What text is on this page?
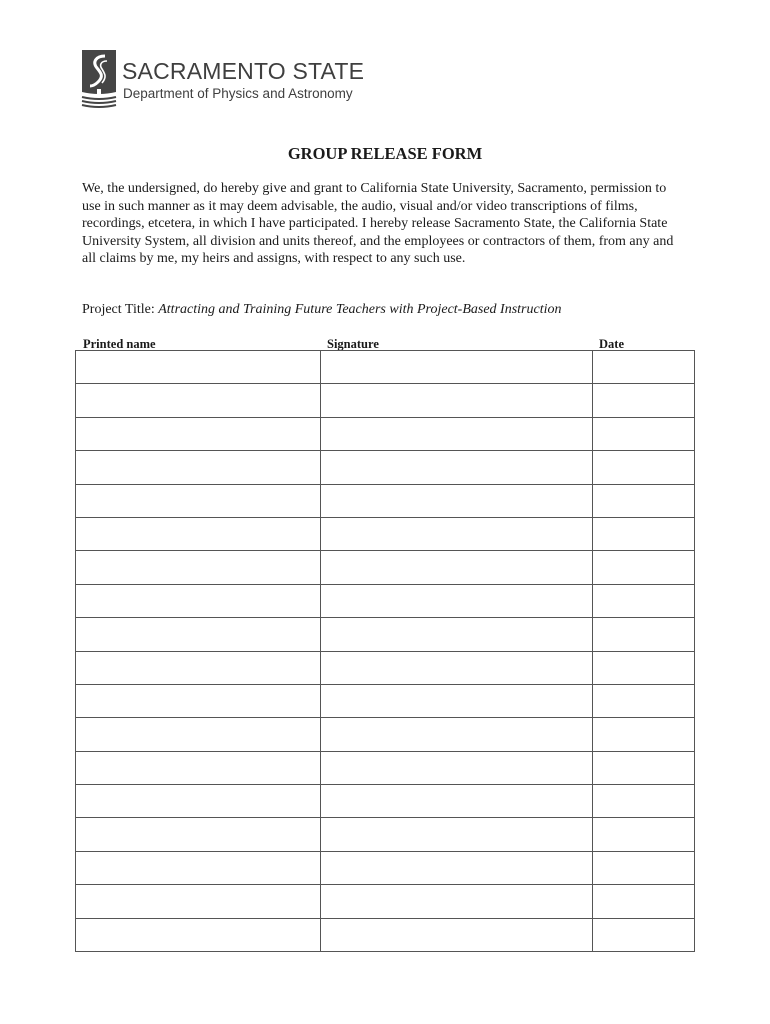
SACRAMENTO STATE
Department of Physics and Astronomy
GROUP RELEASE FORM

We, the undersigned, do hereby give and grant to California State University, Sacramento, permission to use in such manner as it may deem advisable, the audio, visual and/or video transcriptions of films, recordings, etcetera, in which I have participated. I hereby release Sacramento State, the California State University System, all division and units thereof, and the employees or contractors of them, from any and all claims by me, my heirs and assigns, with respect to any such use.

Project Title: Attracting and Training Future Teachers with Project-Based Instruction
Printed name	Signature	Date
